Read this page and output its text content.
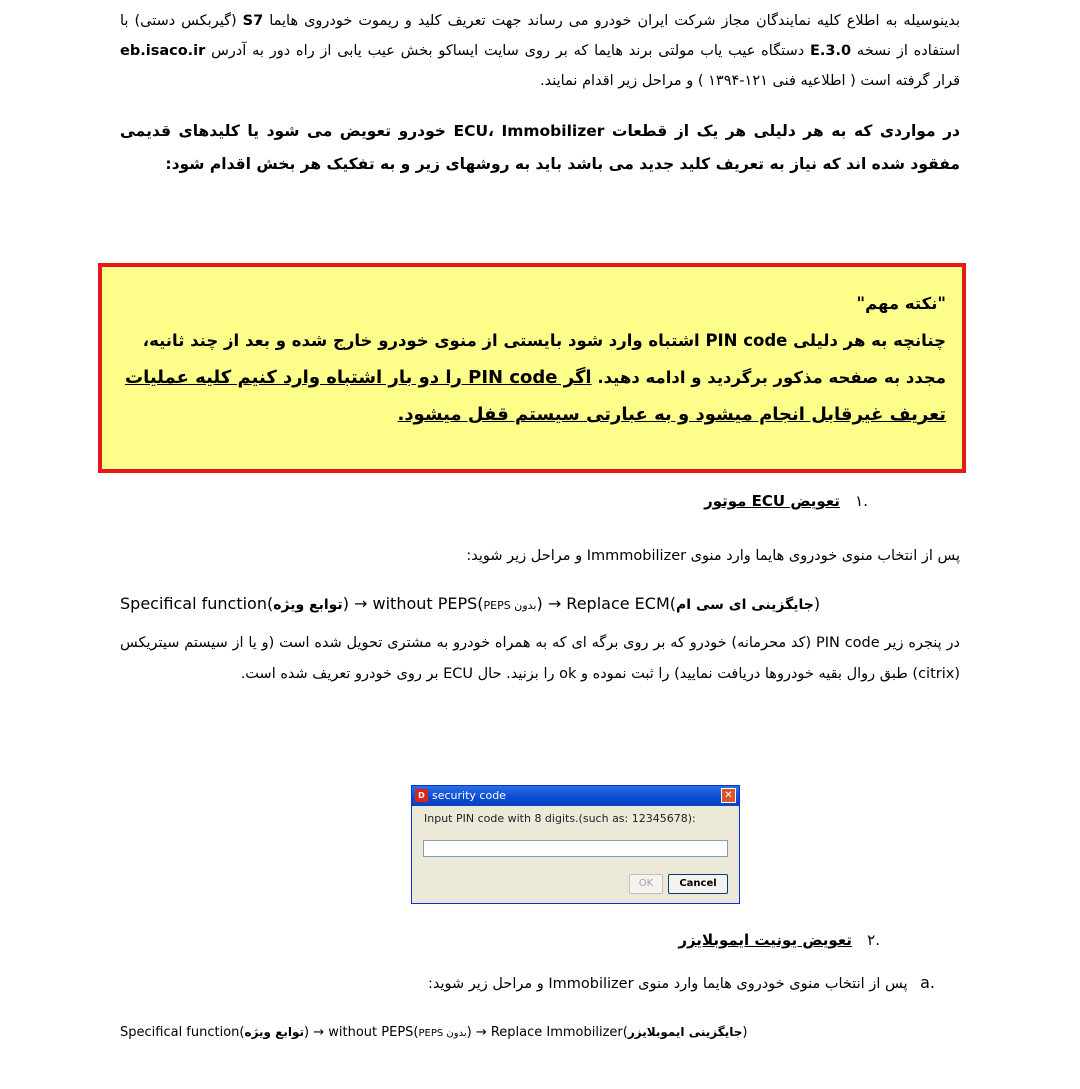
بدینوسیله به اطلاع کلیه نمایندگان مجاز شرکت ایران خودرو می رساند جهت تعریف کلید و ریموت خودروی هایما S7 (گیربکس دستی) با استفاده از نسخه 3.0.E دستگاه عیب یاب مولتی برند هایما که بر روی سایت ایساکو بخش عیب یابی از راه دور به آدرس eb.isaco.ir قرار گرفته است ( اطلاعیه فنی ۱۲۱-۱۳۹۴ ) و مراحل زیر اقدام نمایند.
در مواردی که به هر دلیلی هر یک از قطعات ECU، Immobilizer خودرو تعویض می شود یا کلیدهای قدیمی مفقود شده اند که نیاز به تعریف کلید جدید می باشد باید به روشهای زیر و به تفکیک هر بخش اقدام شود:
"نکته مهم"
چنانچه به هر دلیلی PIN code اشتباه وارد شود بایستی از منوی خودرو خارج شده و بعد از چند ثانیه، مجدد به صفحه مذکور برگردید و ادامه دهید. اگر PIN code را دو بار اشتباه وارد کنیم کلیه عملیات تعریف غیرقابل انجام میشود و به عبارتی سیستم قفل میشود.
.۱ تعویض ECU موتور
پس از انتخاب منوی خودروی هایما وارد منوی Immmobilizer و مراحل زیر شوید:
Specifical function(توابع ویژه) → without PEPS(PEPS بدون) → Replace ECM(جایگزینی ای سی ام)
در پنجره زیر PIN code (کد محرمانه) خودرو که بر روی برگه ای که به همراه خودرو به مشتری تحویل شده است (و یا از سیستم سیتریکس (citrix) طبق روال بقیه خودروها دریافت نمایید) را ثبت نموده و ok را بزنید. حال ECU بر روی خودرو تعریف شده است.
D security code	✕
Input PIN code with 8 digits.(such as: 12345678):
OK	Cancel
.۲ تعویض یونیت ایموبلایزر
.a پس از انتخاب منوی خودروی هایما وارد منوی Immobilizer و مراحل زیر شوید:
Specifical function(توابع ویژه) → without PEPS(PEPS بدون) → Replace Immobilizer(جایگزینی ایموبلایزر)
